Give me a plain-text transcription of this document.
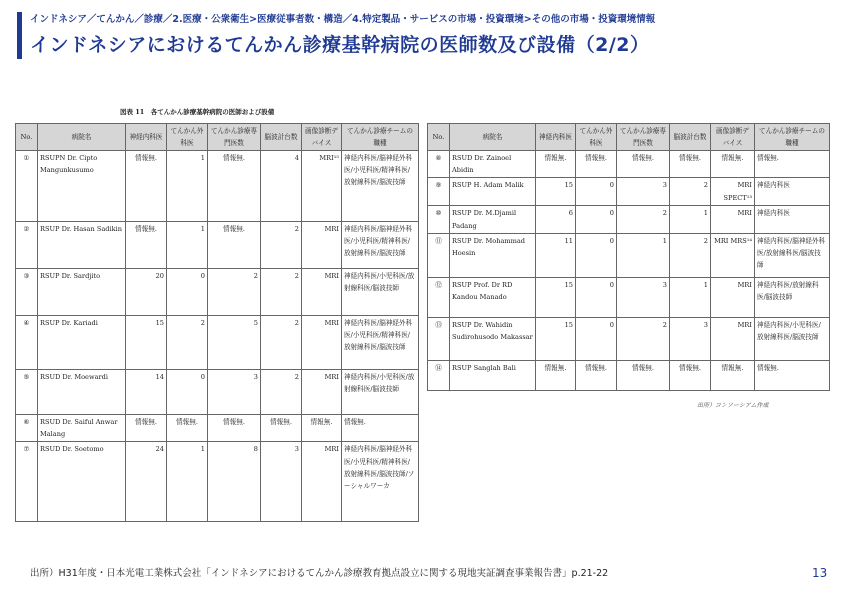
インドネシア／てんかん／診療／2.医療・公衆衛生>医療従事者数・構造／4.特定製品・サービスの市場・投資環境>その他の市場・投資環境情報
インドネシアにおけるてんかん診療基幹病院の医師数及び設備（2/2）
図表 11　各てんかん診療基幹病院の医師および設備
No.	病院名	神経内科医	てんかん外科医	てんかん診療専門医数	脳波計台数	画像診断デバイス	てんかん診療チームの職種
①	RSUPN Dr. Cipto Mangunkusumo	情報無.	1	情報無.	4	MRI¹⁵	神経内科医/脳神経外科医/小児科医/精神科医/放射線科医/脳波技師
②	RSUP Dr. Hasan Sadikin	情報無.	1	情報無.	2	MRI	神経内科医/脳神経外科医/小児科医/精神科医/放射線科医/脳波技師
③	RSUP Dr. Sardjito	20	0	2	2	MRI	神経内科医/小児科医/放射線科医/脳波技師
④	RSUP Dr. Kariadi	15	2	5	2	MRI	神経内科医/脳神経外科医/小児科医/精神科医/放射線科医/脳波技師
⑤	RSUD Dr. Moewardi	14	0	3	2	MRI	神経内科医/小児科医/放射線科医/脳波技師
⑥	RSUD Dr. Saiful Anwar Malang	情報無.	情報無.	情報無.	情報無.	情報無.	情報無.
⑦	RSUD Dr. Soetomo	24	1	8	3	MRI	神経内科医/脳神経外科医/小児科医/精神科医/放射線科医/脳波技師/ソーシャルワーカ
No.	病院名	神経内科医	てんかん外科医	てんかん診療専門医数	脳波計台数	画像診断デバイス	てんかん診療チームの職種
⑧	RSUD Dr. Zainoel Abidin	情報無.	情報無.	情報無.	情報無.	情報無.	情報無.
⑨	RSUP H. Adam Malik	15	0	3	2	MRI SPECT¹³	神経内科医
⑩	RSUP Dr. M.Djamil Padang	6	0	2	1	MRI	神経内科医
⑪	RSUP Dr. Mohammad Hoesin	11	0	1	2	MRI MRS¹⁴	神経内科医/脳神経外科医/放射線科医/脳波技師
⑫	RSUP Prof. Dr RD Kandou Manado	15	0	3	1	MRI	神経内科医/放射線科医/脳波技師
⑬	RSUP Dr. Wahidin Sudirohusodo Makassar	15	0	2	3	MRI	神経内科医/小児科医/放射線科医/脳波技師
⑭	RSUP Sanglah Bali	情報無.	情報無.	情報無.	情報無.	情報無.	情報無.
出所）コンソーシアム作成
出所）H31年度・日本光電工業株式会社「インドネシアにおけるてんかん診療教育拠点設立に関する現地実証調査事業報告書」p.21-22	13
